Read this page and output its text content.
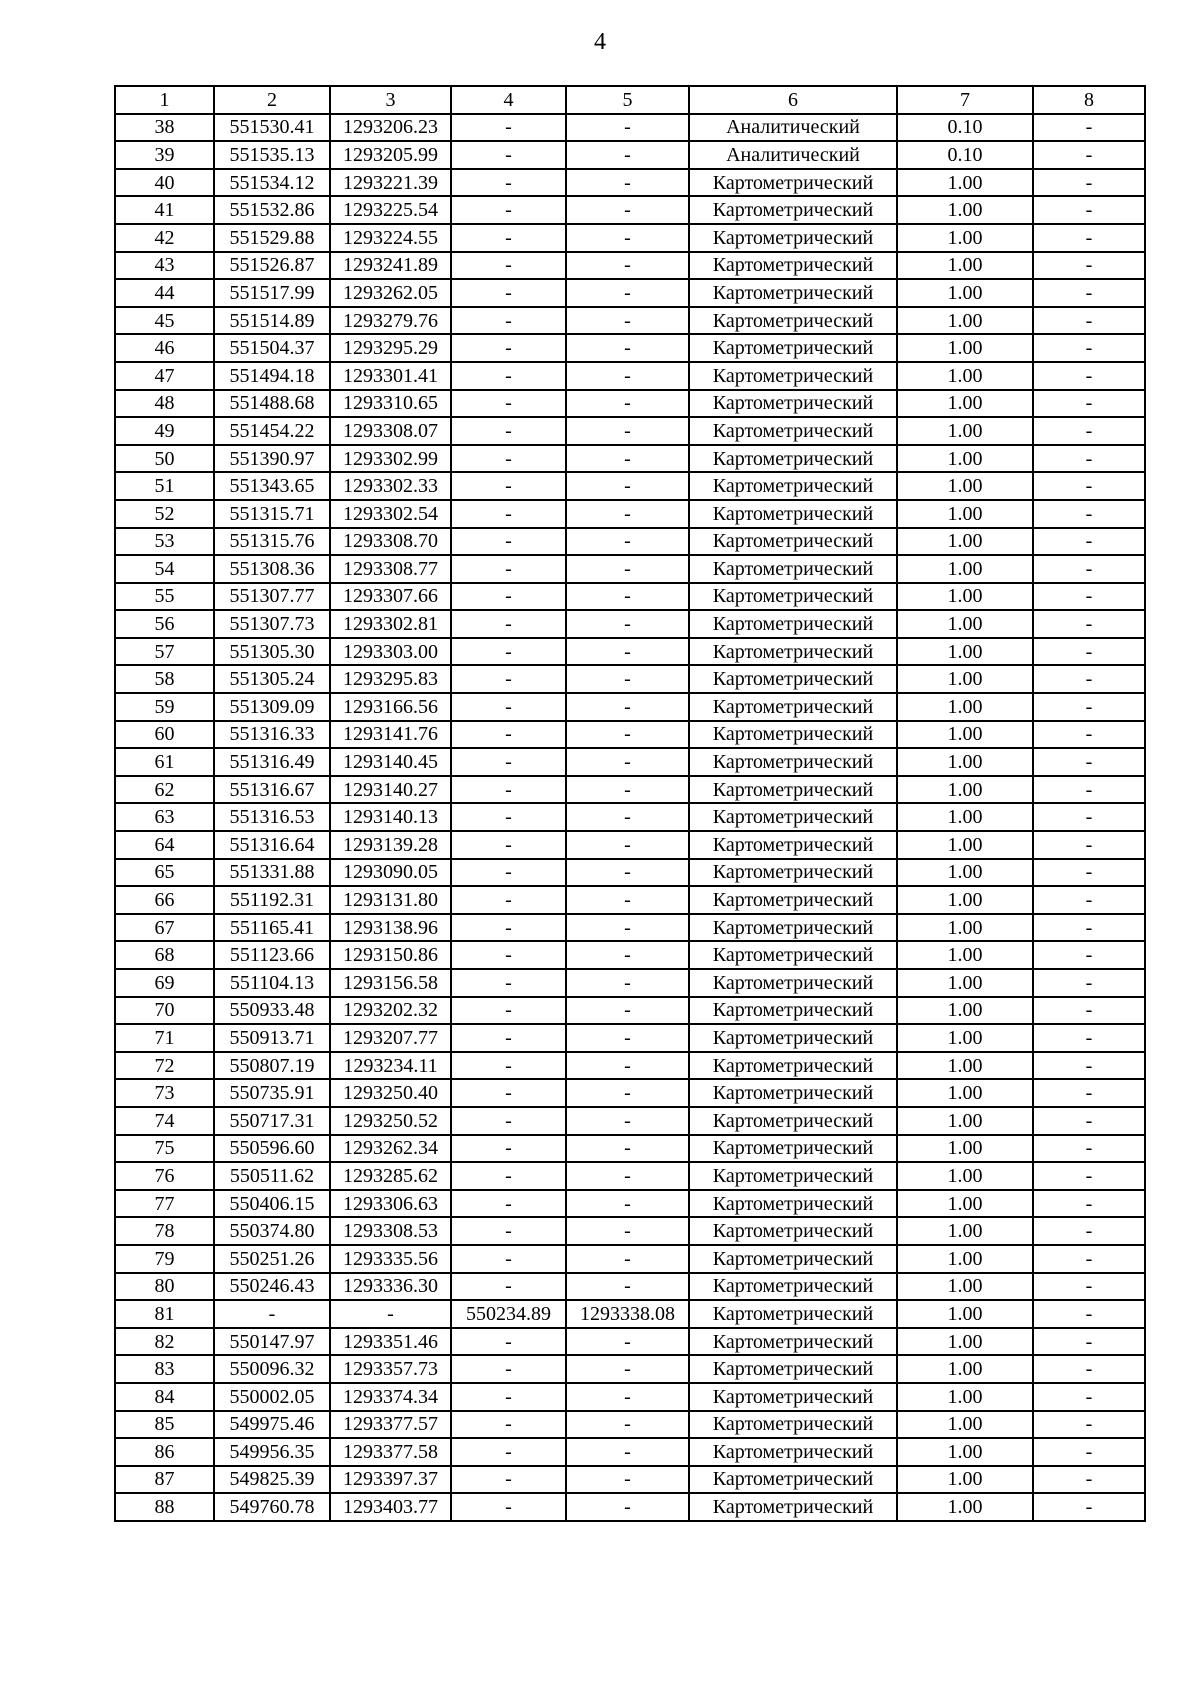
4
1	2	3	4	5	6	7	8
38	551530.41	1293206.23	-	-	Аналитический	0.10	-
39	551535.13	1293205.99	-	-	Аналитический	0.10	-
40	551534.12	1293221.39	-	-	Картометрический	1.00	-
41	551532.86	1293225.54	-	-	Картометрический	1.00	-
42	551529.88	1293224.55	-	-	Картометрический	1.00	-
43	551526.87	1293241.89	-	-	Картометрический	1.00	-
44	551517.99	1293262.05	-	-	Картометрический	1.00	-
45	551514.89	1293279.76	-	-	Картометрический	1.00	-
46	551504.37	1293295.29	-	-	Картометрический	1.00	-
47	551494.18	1293301.41	-	-	Картометрический	1.00	-
48	551488.68	1293310.65	-	-	Картометрический	1.00	-
49	551454.22	1293308.07	-	-	Картометрический	1.00	-
50	551390.97	1293302.99	-	-	Картометрический	1.00	-
51	551343.65	1293302.33	-	-	Картометрический	1.00	-
52	551315.71	1293302.54	-	-	Картометрический	1.00	-
53	551315.76	1293308.70	-	-	Картометрический	1.00	-
54	551308.36	1293308.77	-	-	Картометрический	1.00	-
55	551307.77	1293307.66	-	-	Картометрический	1.00	-
56	551307.73	1293302.81	-	-	Картометрический	1.00	-
57	551305.30	1293303.00	-	-	Картометрический	1.00	-
58	551305.24	1293295.83	-	-	Картометрический	1.00	-
59	551309.09	1293166.56	-	-	Картометрический	1.00	-
60	551316.33	1293141.76	-	-	Картометрический	1.00	-
61	551316.49	1293140.45	-	-	Картометрический	1.00	-
62	551316.67	1293140.27	-	-	Картометрический	1.00	-
63	551316.53	1293140.13	-	-	Картометрический	1.00	-
64	551316.64	1293139.28	-	-	Картометрический	1.00	-
65	551331.88	1293090.05	-	-	Картометрический	1.00	-
66	551192.31	1293131.80	-	-	Картометрический	1.00	-
67	551165.41	1293138.96	-	-	Картометрический	1.00	-
68	551123.66	1293150.86	-	-	Картометрический	1.00	-
69	551104.13	1293156.58	-	-	Картометрический	1.00	-
70	550933.48	1293202.32	-	-	Картометрический	1.00	-
71	550913.71	1293207.77	-	-	Картометрический	1.00	-
72	550807.19	1293234.11	-	-	Картометрический	1.00	-
73	550735.91	1293250.40	-	-	Картометрический	1.00	-
74	550717.31	1293250.52	-	-	Картометрический	1.00	-
75	550596.60	1293262.34	-	-	Картометрический	1.00	-
76	550511.62	1293285.62	-	-	Картометрический	1.00	-
77	550406.15	1293306.63	-	-	Картометрический	1.00	-
78	550374.80	1293308.53	-	-	Картометрический	1.00	-
79	550251.26	1293335.56	-	-	Картометрический	1.00	-
80	550246.43	1293336.30	-	-	Картометрический	1.00	-
81	-	-	550234.89	1293338.08	Картометрический	1.00	-
82	550147.97	1293351.46	-	-	Картометрический	1.00	-
83	550096.32	1293357.73	-	-	Картометрический	1.00	-
84	550002.05	1293374.34	-	-	Картометрический	1.00	-
85	549975.46	1293377.57	-	-	Картометрический	1.00	-
86	549956.35	1293377.58	-	-	Картометрический	1.00	-
87	549825.39	1293397.37	-	-	Картометрический	1.00	-
88	549760.78	1293403.77	-	-	Картометрический	1.00	-
